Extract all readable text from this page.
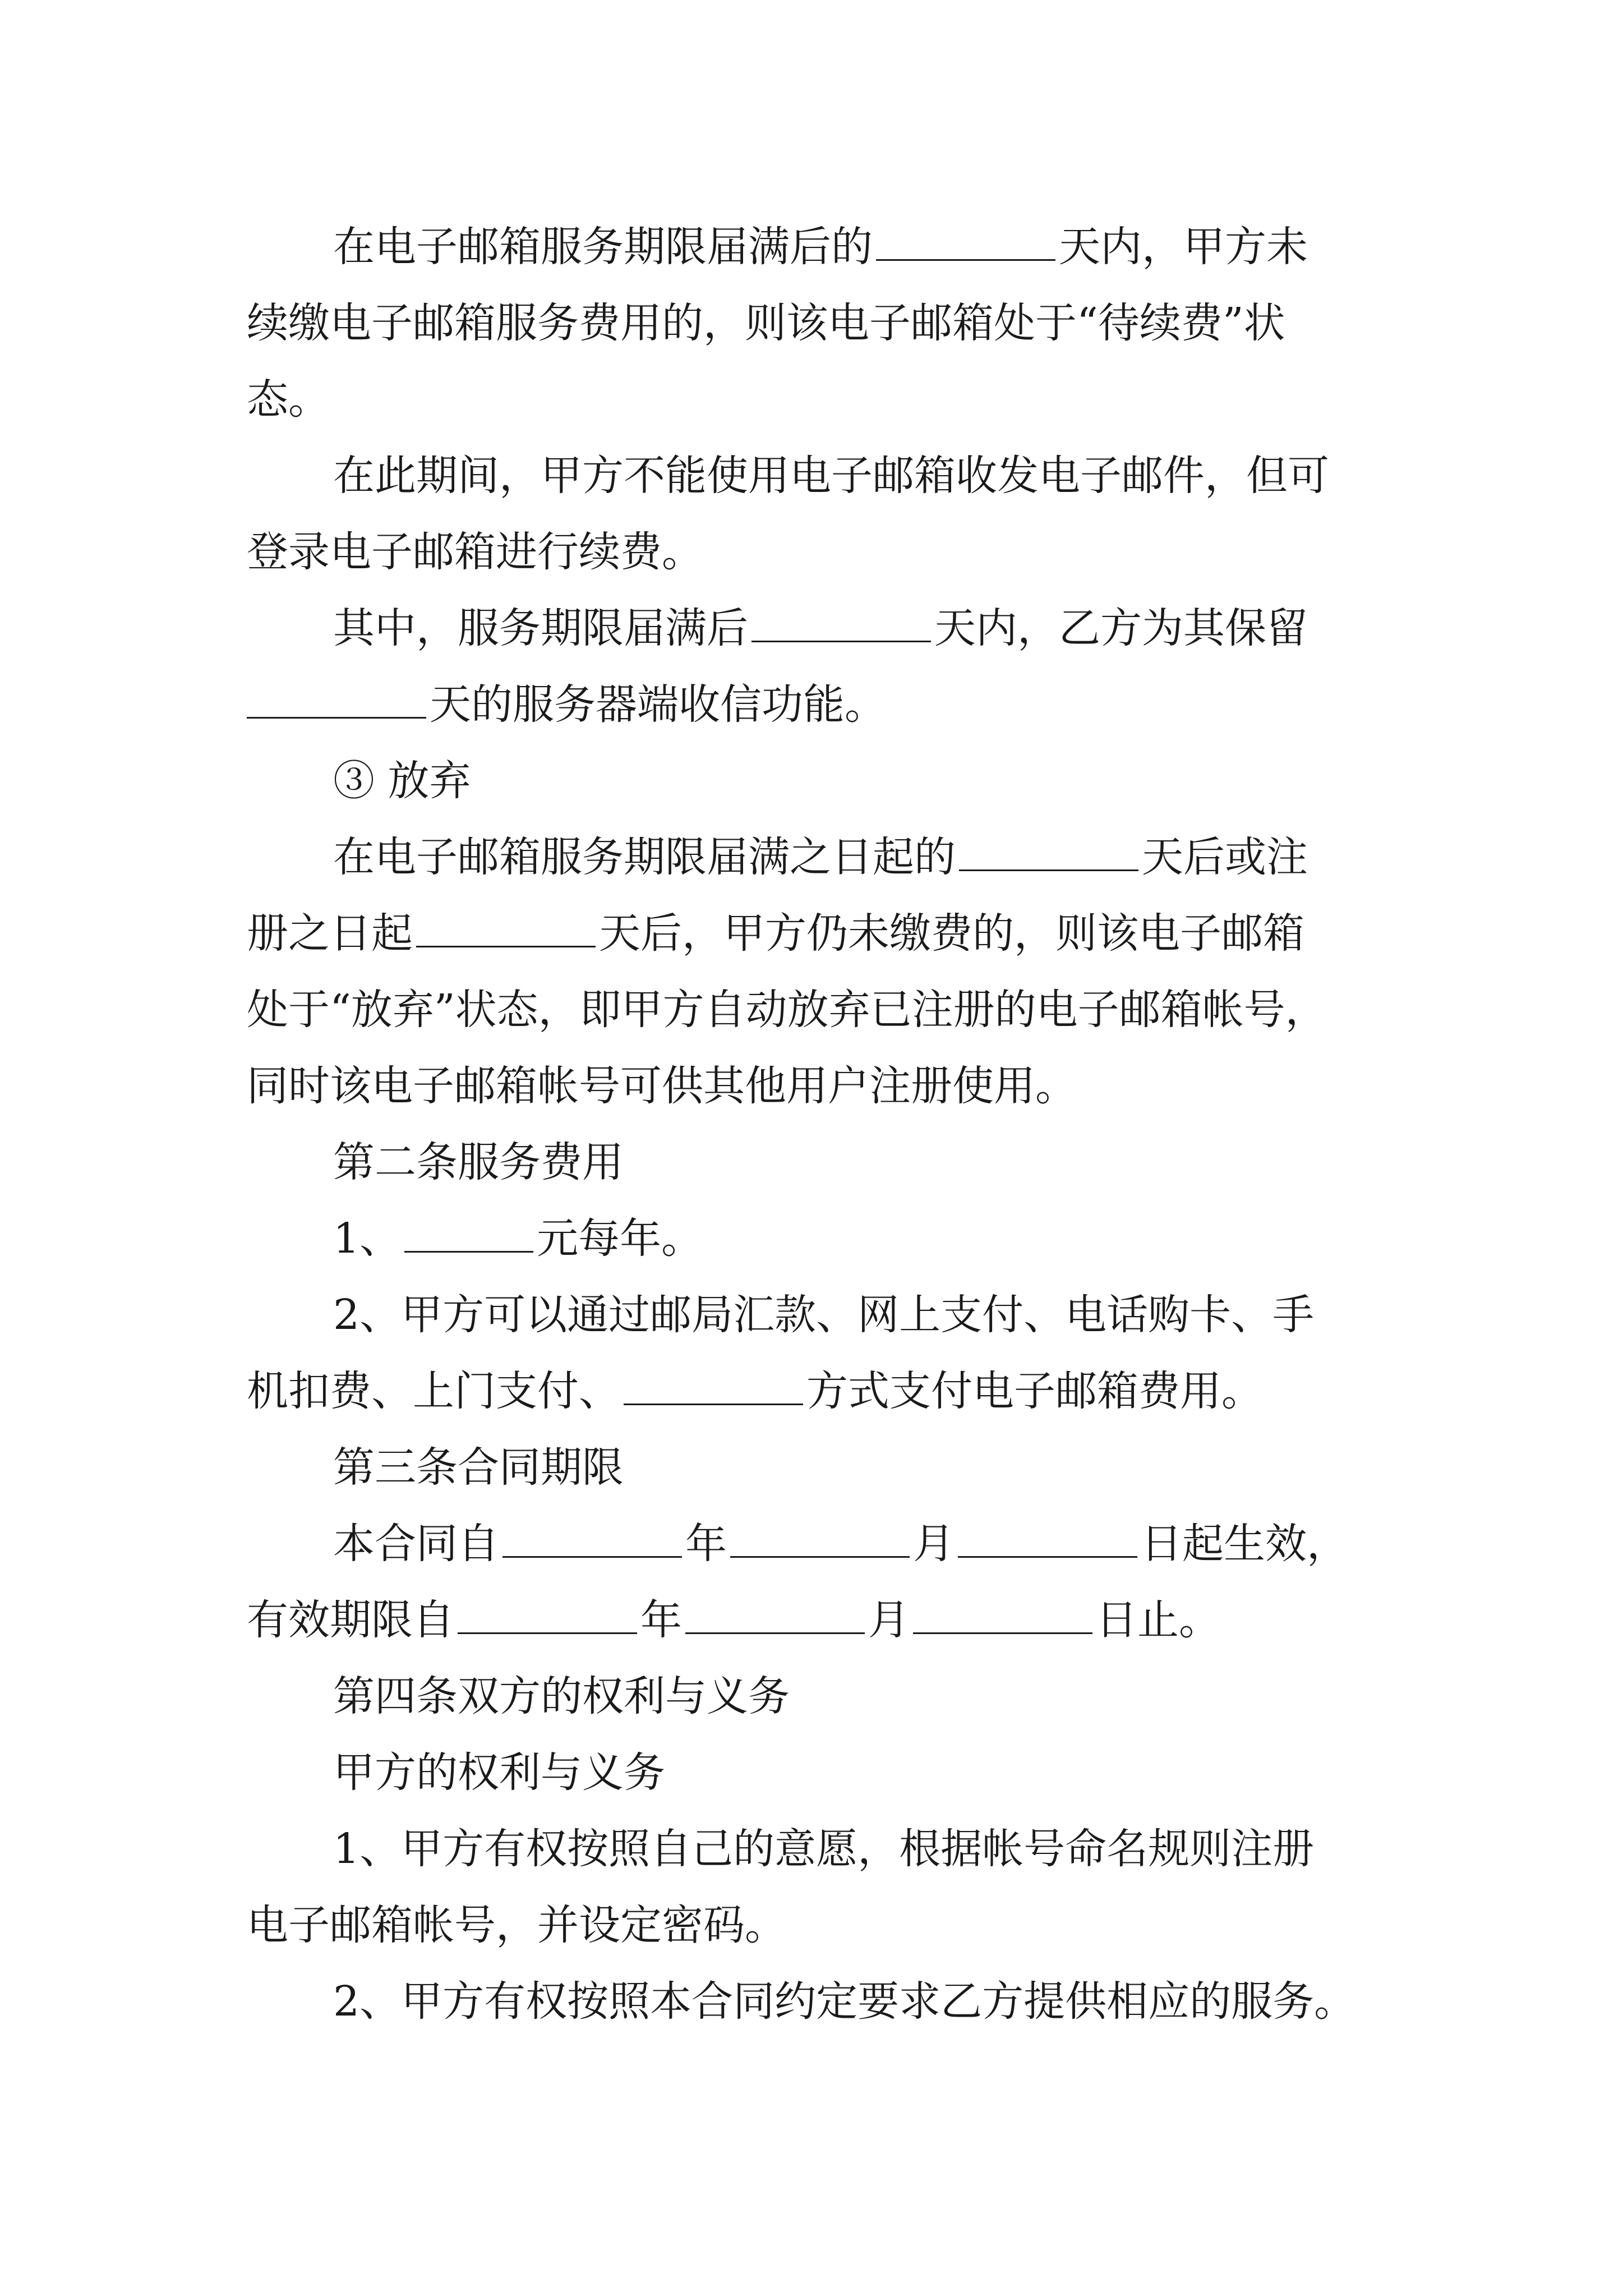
在电子邮箱服务期限届满后的	天内，甲方未
续缴电子邮箱服务费用的，则该电子邮箱处于“待续费”状
态。
在此期间，甲方不能使用电子邮箱收发电子邮件，但可
登录电子邮箱进行续费。
其中，服务期限届满后	天内，乙方为其保留
天的服务器端收信功能。
③ 放弃
在电子邮箱服务期限届满之日起的	天后或注
册之日起	天后，甲方仍未缴费的，则该电子邮箱
处于“放弃”状态，即甲方自动放弃已注册的电子邮箱帐号，
同时该电子邮箱帐号可供其他用户注册使用。
第二条服务费用
1、	元每年。
2、甲方可以通过邮局汇款、网上支付、电话购卡、手
机扣费、上门支付、	方式支付电子邮箱费用。
第三条合同期限
本合同自	年	月	日起生效，
有效期限自	年	月	日止。
第四条双方的权利与义务
甲方的权利与义务
1、甲方有权按照自己的意愿，根据帐号命名规则注册
电子邮箱帐号，并设定密码。
2、甲方有权按照本合同约定要求乙方提供相应的服务。
